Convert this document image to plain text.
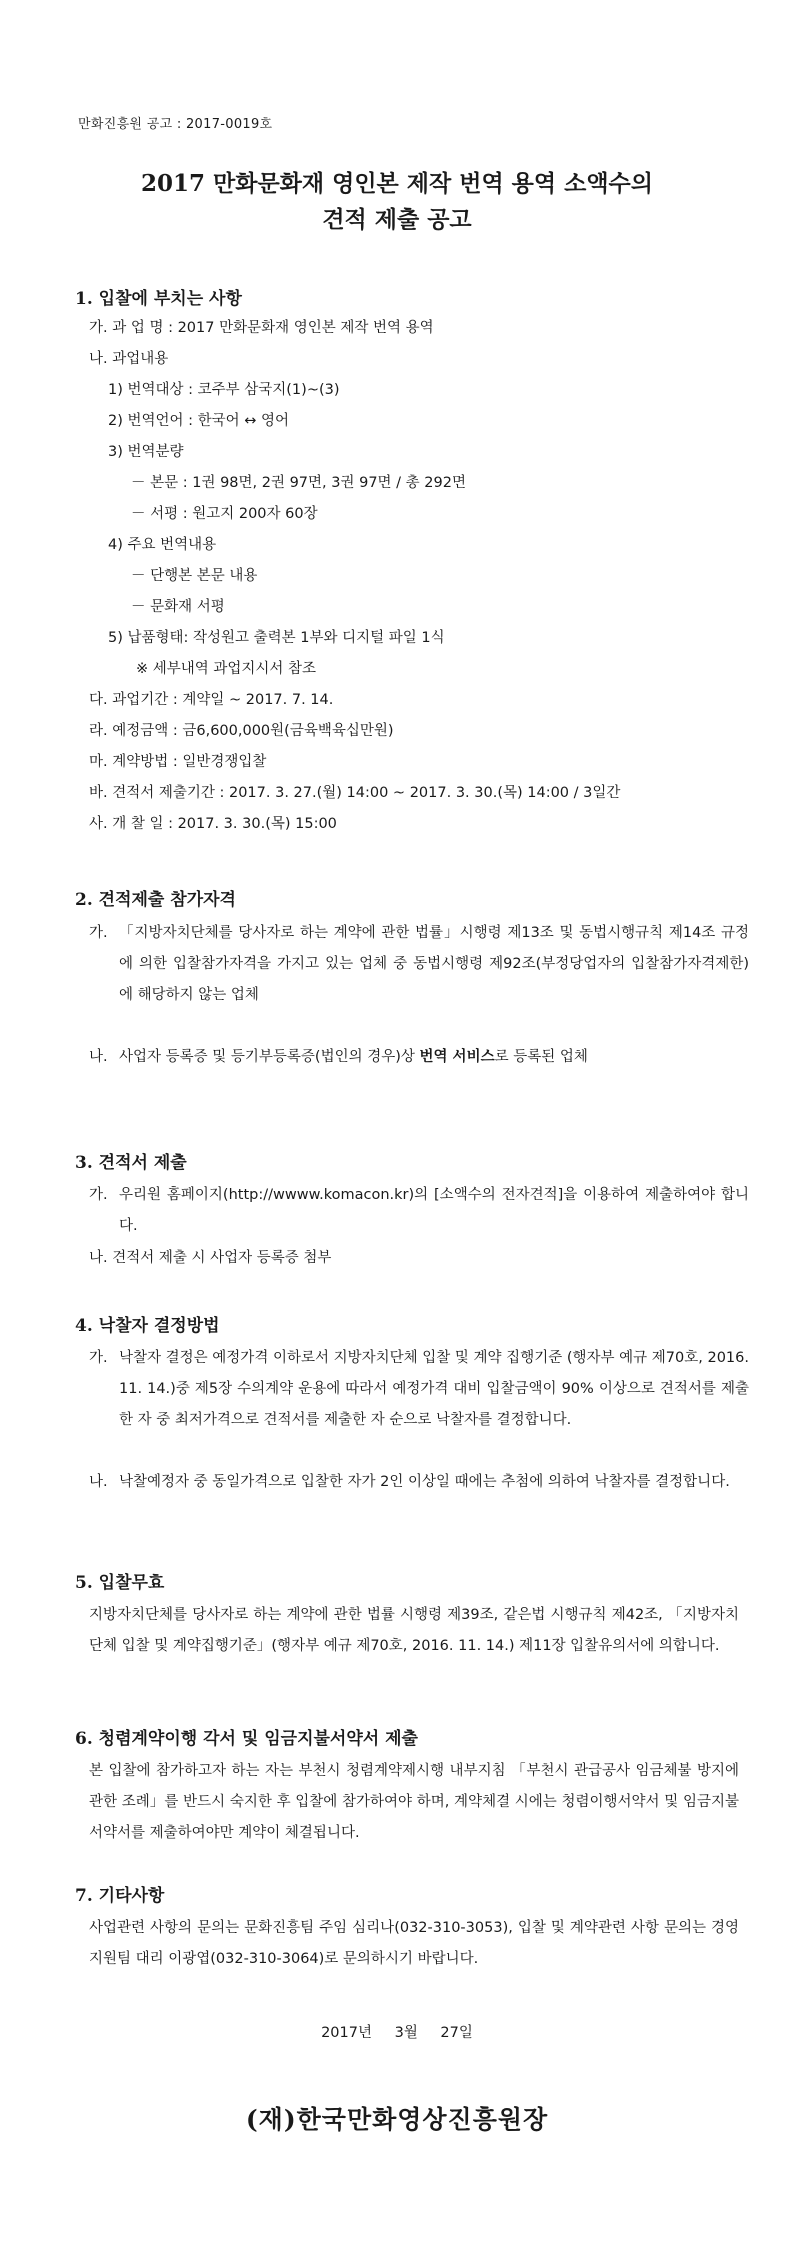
만화진흥원 공고 : 2017-0019호
2017 만화문화재 영인본 제작 번역 용역 소액수의
견적 제출 공고
1. 입찰에 부치는 사항
가. 과 업 명 : 2017 만화문화재 영인본 제작 번역 용역
나. 과업내용
1) 번역대상 : 코주부 삼국지(1)~(3)
2) 번역언어 : 한국어 ↔ 영어
3) 번역분량
－ 본문 : 1권 98면, 2권 97면, 3권 97면 / 총 292면
－ 서평 : 원고지 200자 60장
4) 주요 번역내용
－ 단행본 본문 내용
－ 문화재 서평
5) 납품형태: 작성원고 출력본 1부와 디지털 파일 1식
※ 세부내역 과업지시서 참조
다. 과업기간 : 계약일 ~ 2017. 7. 14.
라. 예정금액 : 금6,600,000원(금육백육십만원)
마. 계약방법 : 일반경쟁입찰
바. 견적서 제출기간 : 2017. 3. 27.(월) 14:00 ~ 2017. 3. 30.(목) 14:00 / 3일간
사. 개 찰 일 : 2017. 3. 30.(목) 15:00
2. 견적제출 참가자격
가. 「지방자치단체를 당사자로 하는 계약에 관한 법률」시행령 제13조 및 동법시행규칙 제14조 규정에 의한 입찰참가자격을 가지고 있는 업체 중 동법시행령 제92조(부정당업자의 입찰참가자격제한)에 해당하지 않는 업체
나. 사업자 등록증 및 등기부등록증(법인의 경우)상 번역 서비스로 등록된 업체
3. 견적서 제출
가. 우리원 홈페이지(http://wwww.komacon.kr)의 [소액수의 전자견적]을 이용하여 제출하여야 합니다.
나. 견적서 제출 시 사업자 등록증 첨부
4. 낙찰자 결정방법
가. 낙찰자 결정은 예정가격 이하로서 지방자치단체 입찰 및 계약 집행기준 (행자부 예규 제70호, 2016. 11. 14.)중 제5장 수의계약 운용에 따라서 예정가격 대비 입찰금액이 90% 이상으로 견적서를 제출한 자 중 최저가격으로 견적서를 제출한 자 순으로 낙찰자를 결정합니다.
나. 낙찰예정자 중 동일가격으로 입찰한 자가 2인 이상일 때에는 추첨에 의하여 낙찰자를 결정합니다.
5. 입찰무효
지방자치단체를 당사자로 하는 계약에 관한 법률 시행령 제39조, 같은법 시행규칙 제42조, 「지방자치단체 입찰 및 계약집행기준」(행자부 예규 제70호, 2016. 11. 14.) 제11장 입찰유의서에 의합니다.
6. 청렴계약이행 각서 및 임금지불서약서 제출
본 입찰에 참가하고자 하는 자는 부천시 청렴계약제시행 내부지침 「부천시 관급공사 임금체불 방지에 관한 조례」를 반드시 숙지한 후 입찰에 참가하여야 하며, 계약체결 시에는 청렴이행서약서 및 임금지불서약서를 제출하여야만 계약이 체결됩니다.
7. 기타사항
사업관련 사항의 문의는 문화진흥팀 주임 심리나(032-310-3053), 입찰 및 계약관련 사항 문의는 경영지원팀 대리 이광엽(032-310-3064)로 문의하시기 바랍니다.
2017년 3월 27일
(재)한국만화영상진흥원장
